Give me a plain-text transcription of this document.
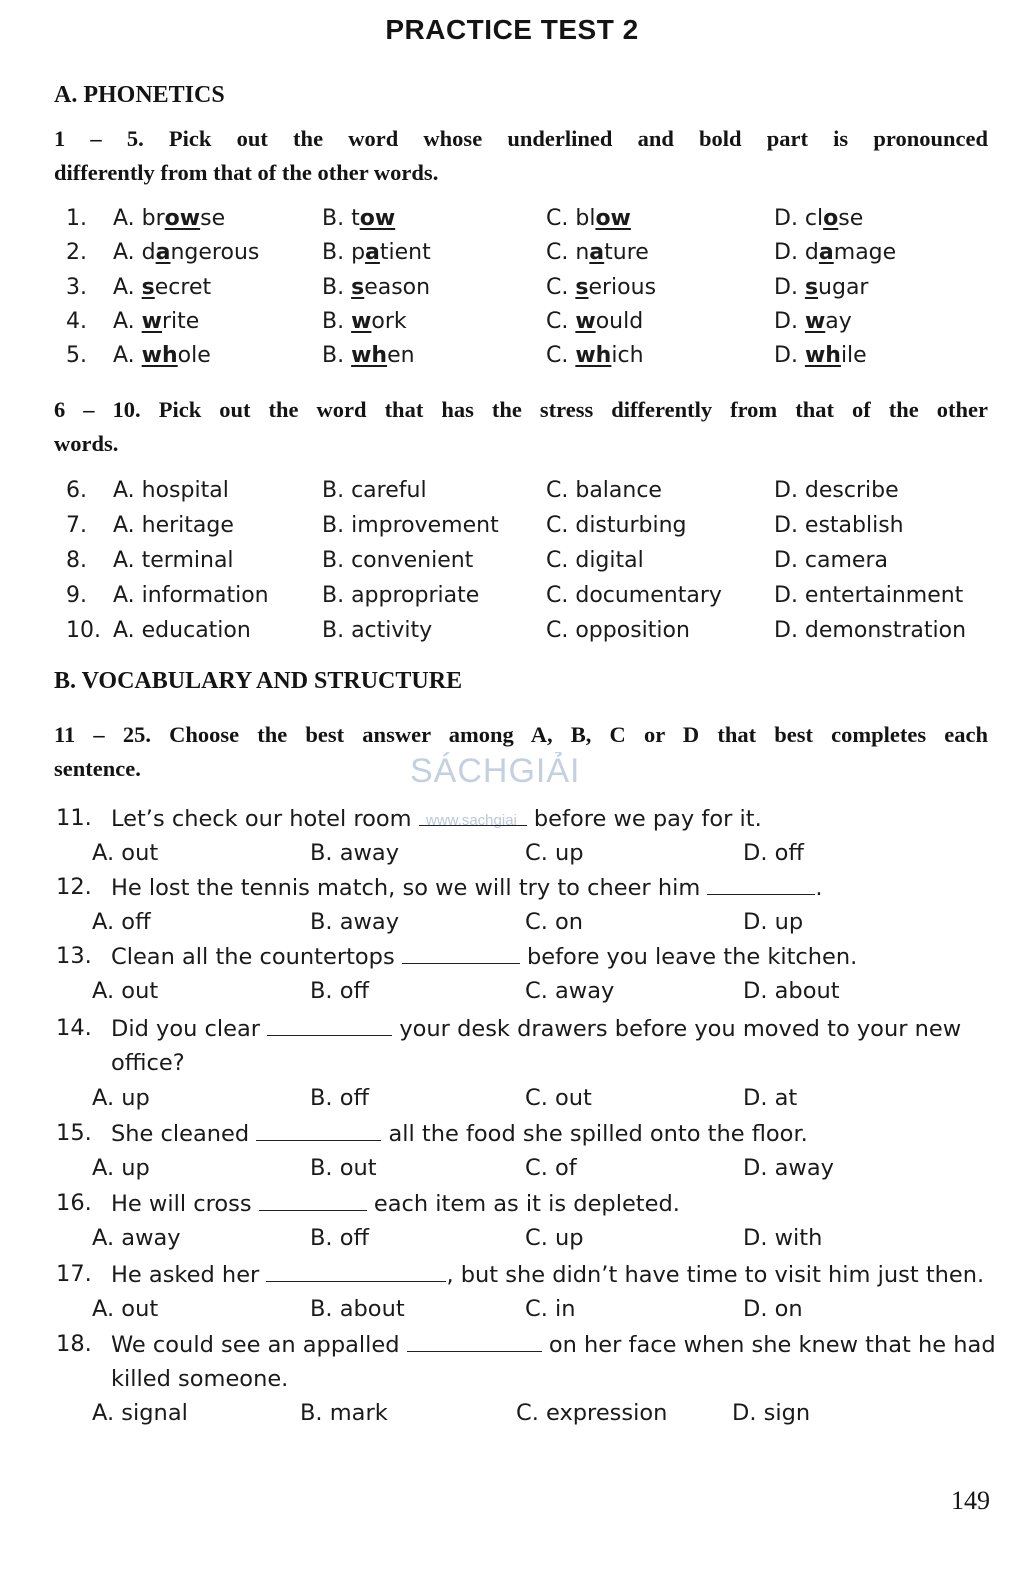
PRACTICE TEST 2
A. PHONETICS
1 – 5. Pick out the word whose underlined and bold part is pronounced
differently from that of the other words.
1. A. browse	B. tow	C. blow	D. close
2. A. dangerous	B. patient	C. nature	D. damage
3. A. secret	B. season	C. serious	D. sugar
4. A. write	B. work	C. would	D. way
5. A. whole	B. when	C. which	D. while
6 – 10. Pick out the word that has the stress differently from that of the other
words.
6. A. hospital	B. careful	C. balance	D. describe
7. A. heritage	B. improvement C. disturbing	D. establish
8. A. terminal	B. convenient	C. digital	D. camera
9. A. information B. appropriate	C. documentary D. entertainment
10. A. education	B. activity	C. opposition	D. demonstration
B. VOCABULARY AND STRUCTURE
11 – 25. Choose the best answer among A, B, C or D that best completes each
sentence.	SÁCHGIẢI
www.sachgiai
11. Let’s check our hotel room	before we pay for it.
A. out	B. away	C. up	D. off
12. He lost the tennis match, so we will try to cheer him	.
A. off	B. away	C. on	D. up
13. Clean all the countertops	before you leave the kitchen.
A. out	B. off	C. away	D. about
14. Did you clear	your desk drawers before you moved to your new
office?
A. up	B. off	C. out	D. at
15. She cleaned	all the food she spilled onto the floor.
A. up	B. out	C. of	D. away
16. He will cross	each item as it is depleted.
A. away	B. off	C. up	D. with
17. He asked her	, but she didn’t have time to visit him just then.
A. out	B. about	C. in	D. on
18. We could see an appalled	on her face when she knew that he had
killed someone.
A. signal	B. mark	C. expression	D. sign
149
